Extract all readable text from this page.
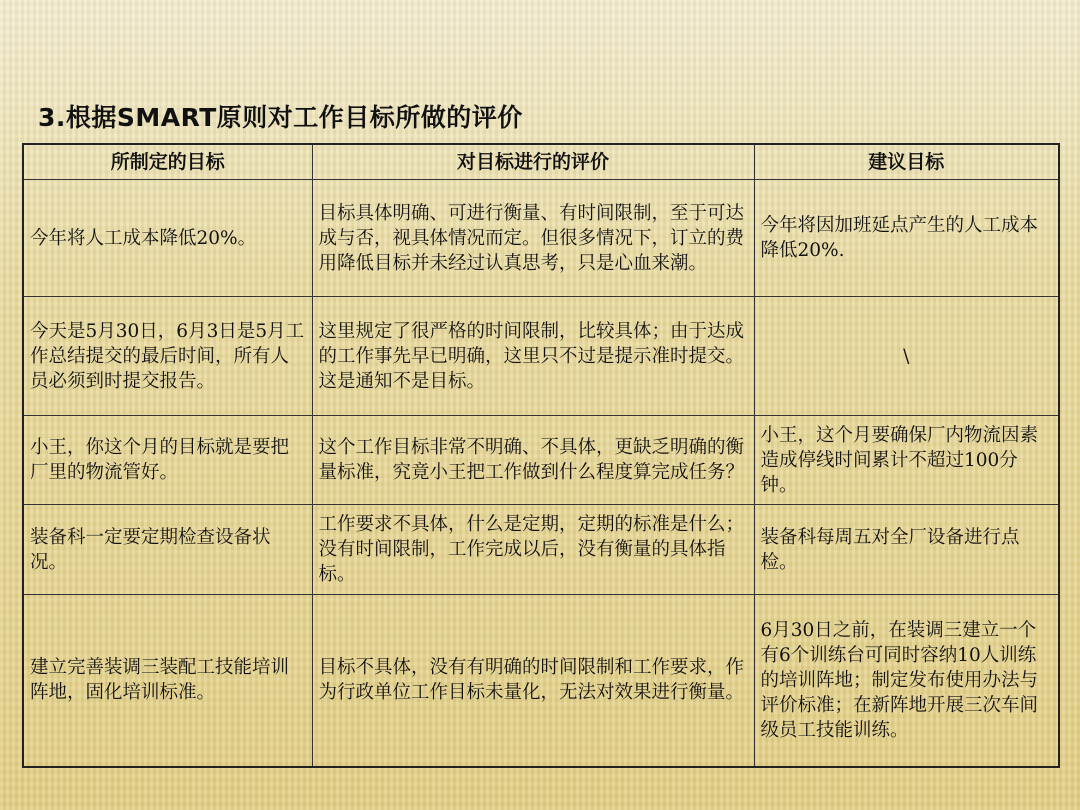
3.根据SMART原则对工作目标所做的评价
所制定的目标	对目标进行的评价	建议目标
今年将人工成本降低20%。	目标具体明确、可进行衡量、有时间限制，至于可达成与否，视具体情况而定。但很多情况下，订立的费用降低目标并未经过认真思考，只是心血来潮。	今年将因加班延点产生的人工成本降低20%.
今天是5月30日，6月3日是5月工作总结提交的最后时间，所有人员必须到时提交报告。	这里规定了很严格的时间限制，比较具体；由于达成的工作事先早已明确，这里只不过是提示准时提交。这是通知不是目标。	\
小王，你这个月的目标就是要把厂里的物流管好。	这个工作目标非常不明确、不具体，更缺乏明确的衡量标准，究竟小王把工作做到什么程度算完成任务？	小王，这个月要确保厂内物流因素造成停线时间累计不超过100分钟。
装备科一定要定期检查设备状况。	工作要求不具体，什么是定期，定期的标准是什么；没有时间限制，工作完成以后，没有衡量的具体指标。	装备科每周五对全厂设备进行点检。
建立完善装调三装配工技能培训阵地，固化培训标准。	目标不具体，没有有明确的时间限制和工作要求，作为行政单位工作目标未量化，无法对效果进行衡量。	6月30日之前，在装调三建立一个有6个训练台可同时容纳10人训练的培训阵地；制定发布使用办法与评价标准；在新阵地开展三次车间级员工技能训练。
